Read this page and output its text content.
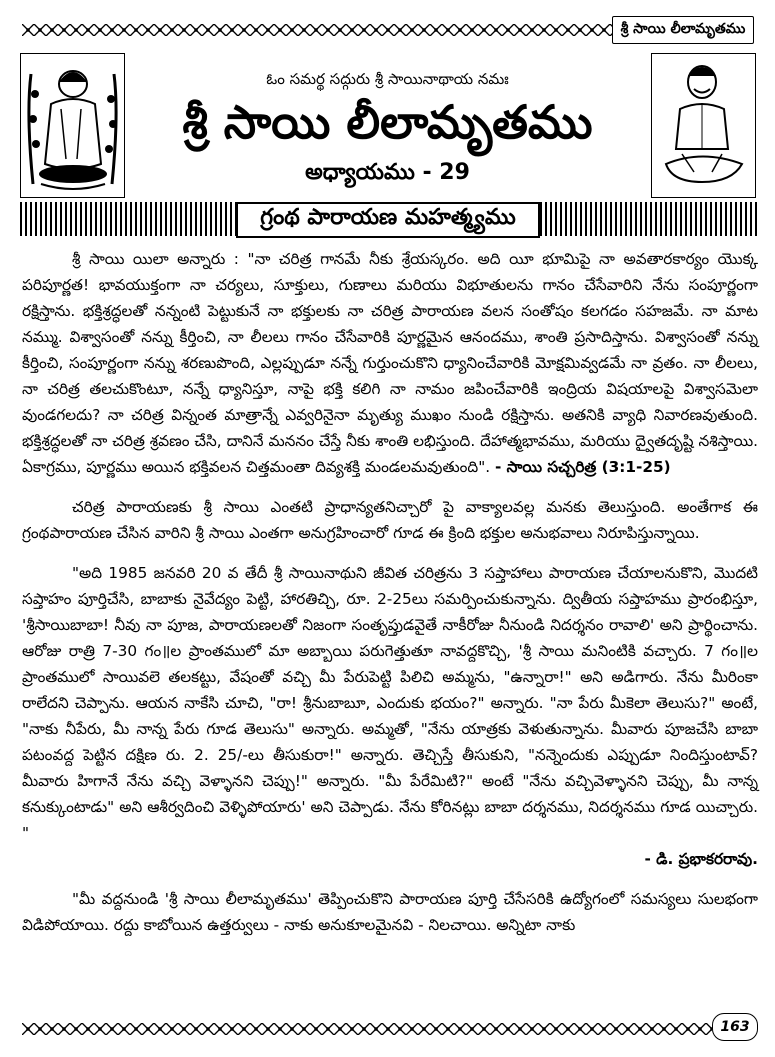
శ్రీ సాయి లీలామృతము
ఓం సమర్థ సద్గురు శ్రీ సాయినాథాయ నమః
శ్రీ సాయి లీలామృతము
అధ్యాయము - 29
గ్రంథ పారాయణ మహత్మ్యము

శ్రీ సాయి యిలా అన్నారు : "నా చరిత్ర గానమే నీకు శ్రేయస్కరం. అది యీ భూమిపై నా అవతారకార్యం యొక్క పరిపూర్ణత! భావయుక్తంగా నా చర్యలు, సూక్తులు, గుణాలు మరియు విభూతులను గానం చేసేవారిని నేను సంపూర్ణంగా రక్షిస్తాను. భక్తిశ్రద్ధలతో నన్నంటి పెట్టుకునే నా భక్తులకు నా చరిత్ర పారాయణ వలన సంతోషం కలగడం సహజమే. నా మాట నమ్ము. విశ్వాసంతో నన్ను కీర్తించి, నా లీలలు గానం చేసేవారికి పూర్ణమైన ఆనందము, శాంతి ప్రసాదిస్తాను. విశ్వాసంతో నన్ను కీర్తించి, సంపూర్ణంగా నన్ను శరణుపొంది, ఎల్లప్పుడూ నన్నే గుర్తుంచుకొని ధ్యానించేవారికి మోక్షమివ్వడమే నా వ్రతం. నా లీలలు, నా చరిత్ర తలచుకొంటూ, నన్నే ధ్యానిస్తూ, నాపై భక్తి కలిగి నా నామం జపించేవారికి ఇంద్రియ విషయాలపై విశ్వాసమెలా వుండగలదు? నా చరిత్ర విన్నంత మాత్రాన్నే ఎవ్వరినైనా మృత్యు ముఖం నుండి రక్షిస్తాను. అతనికి వ్యాధి నివారణవుతుంది. భక్తిశ్రద్ధలతో నా చరిత్ర శ్రవణం చేసి, దానినే మననం చేస్తే నీకు శాంతి లభిస్తుంది. దేహాత్మభావము, మరియు ద్వైతదృష్టి నశిస్తాయి. ఏకాగ్రము, పూర్ణము అయిన భక్తివలన చిత్తమంతా దివ్యశక్తి మండలమవుతుంది". - సాయి సచ్చరిత్ర (3:1-25)

చరిత్ర పారాయణకు శ్రీ సాయి ఎంతటి ప్రాధాన్యతనిచ్చారో పై వాక్యాలవల్ల మనకు తెలుస్తుంది. అంతేగాక ఈ గ్రంథపారాయణ చేసిన వారిని శ్రీ సాయి ఎంతగా అనుగ్రహించారో గూడ ఈ క్రింది భక్తుల అనుభవాలు నిరూపిస్తున్నాయి.

"అది 1985 జనవరి 20 వ తేదీ శ్రీ సాయినాథుని జీవిత చరిత్రను 3 సప్తాహాలు పారాయణ చేయాలనుకొని, మొదటి సప్తాహం పూర్తిచేసి, బాబాకు నైవేద్యం పెట్టి, హారతిచ్చి, రూ. 2-25లు సమర్పించుకున్నాను. ద్వితీయ సప్తాహము ప్రారంభిస్తూ, 'శ్రీసాయిబాబా! నీవు నా పూజ, పారాయణలతో నిజంగా సంతృప్తుడవైతే నాకీరోజు నీనుండి నిదర్శనం రావాలి' అని ప్రార్థించాను. ఆరోజు రాత్రి 7-30 గం॥ల ప్రాంతములో మా అబ్బాయి పరుగెత్తుతూ నావద్దకొచ్చి, 'శ్రీ సాయి మనింటికి వచ్చారు. 7 గం॥ల ప్రాంతములో సాయివలె తలకట్టు, వేషంతో వచ్చి మీ పేరుపెట్టి పిలిచి అమ్మను, "ఉన్నారా!" అని అడిగారు. నేను మీరింకా రాలేదని చెప్పాను. ఆయన నాకేసి చూచి, "రా! శ్రీనుబాబూ, ఎందుకు భయం?" అన్నారు. "నా పేరు మీకెలా తెలుసు?" అంటే, "నాకు నీపేరు, మీ నాన్న పేరు గూడ తెలుసు" అన్నారు. అమ్మతో, "నేను యాత్రకు వెళుతున్నాను. మీవారు పూజచేసి బాబా పటంవద్ద పెట్టిన దక్షిణ రు. 2. 25/-లు తీసుకురా!" అన్నారు. తెచ్చిస్తే తీసుకుని, "నన్నెందుకు ఎప్పుడూ నిందిస్తుంటావ్? మీవారు హిగానే నేను వచ్చి వెళ్ళానని చెప్పు!" అన్నారు. "మీ పేరేమిటి?" అంటే "నేను వచ్చివెళ్ళానని చెప్పు, మీ నాన్న కనుక్కుంటాడు" అని ఆశీర్వదించి వెళ్ళిపోయారు' అని చెప్పాడు. నేను కోరినట్లు బాబా దర్శనము, నిదర్శనము గూడ యిచ్చారు. "
- డి. ప్రభాకరరావు.

"మీ వద్దనుండి 'శ్రీ సాయి లీలామృతము' తెప్పించుకొని పారాయణ పూర్తి చేసేసరికి ఉద్యోగంలో సమస్యలు సులభంగా విడిపోయాయి. రద్దు కాబోయిన ఉత్తర్వులు - నాకు అనుకూలమైనవి - నిలచాయి. అన్నిటా నాకు

163
